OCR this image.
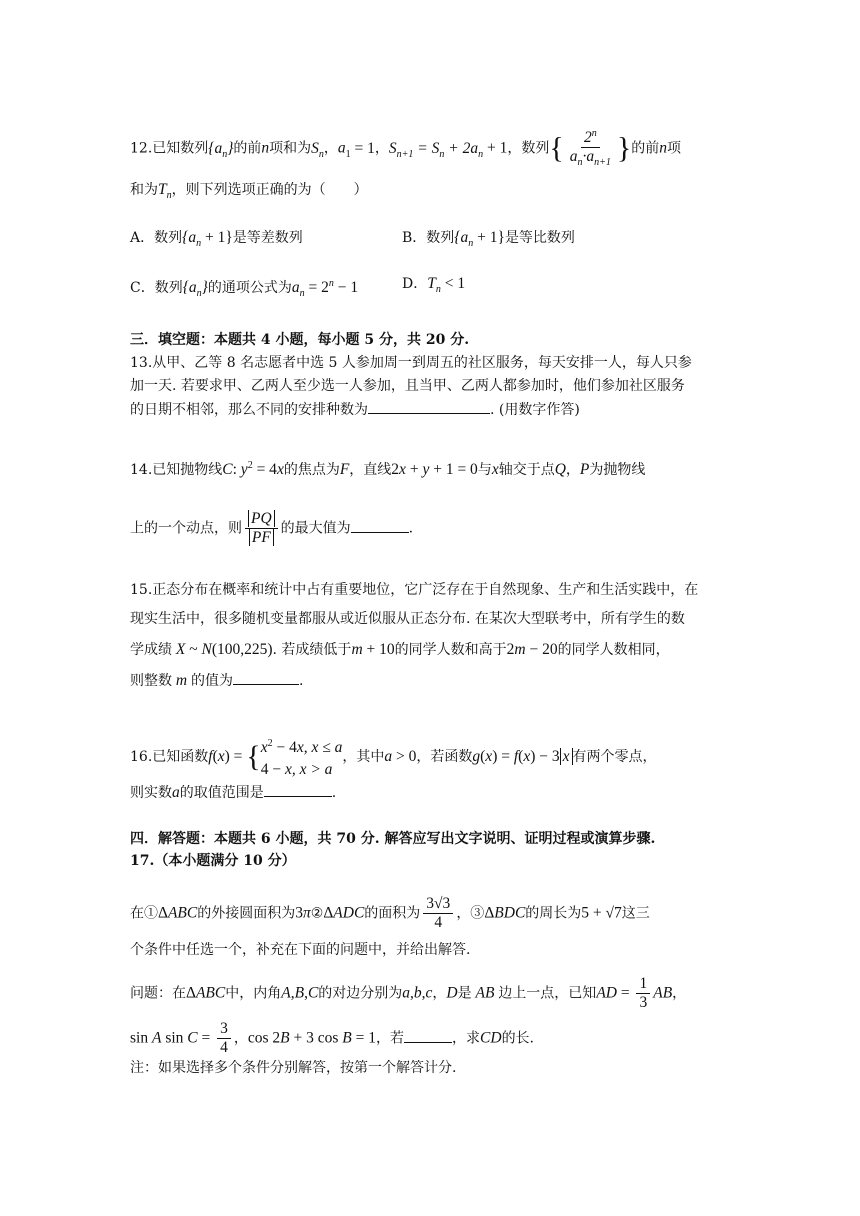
12.已知数列$\{a_n\}$的前n项和为$S_n$，$a_1 = 1$，$S_{n+1} = S_n + 2a_n + 1$，数列{ $\frac{2^n}{a_n\cdot a_{n+1}}$ }的前n项
和为$T_n$，则下列选项正确的为（　　）
A．数列$\{a_n + 1\}$是等差数列	B．数列$\{a_n + 1\}$是等比数列
C．数列$\{a_n\}$的通项公式为$a_n = 2^n - 1$	D．$T_n < 1$
三．填空题：本题共 4 小题，每小题 5 分，共 20 分.
13.从甲、乙等 8 名志愿者中选 5 人参加周一到周五的社区服务，每天安排一人，每人只参
加一天. 若要求甲、乙两人至少选一人参加，且当甲、乙两人都参加时，他们参加社区服务
的日期不相邻，那么不同的安排种数为	. (用数字作答)
14.已知抛物线C: $y^2 = 4x$的焦点为F，直线2x + y + 1 = 0与x轴交于点Q，P为抛物线
上的一个动点，则 $\frac{PQ}{PF}$ 的最大值为	.
15.正态分布在概率和统计中占有重要地位，它广泛存在于自然现象、生产和生活实践中，在
现实生活中，很多随机变量都服从或近似服从正态分布. 在某次大型联考中，所有学生的数
学成绩 X ~ N(100,225). 若成绩低于m + 10的同学人数和高于2m − 20的同学人数相同，
则整数 m 的值为	.
16.已知函数f(x) = { $x^2 - 4x$, x ≤ a
4 − x, x > a
，其中a > 0，若函数g(x) = f(x) − 3 x 有两个零点，
则实数a的取值范围是	.
四．解答题：本题共 6 小题，共 70 分. 解答应写出文字说明、证明过程或演算步骤.
17.（本小题满分 10 分）
在①ΔABC的外接圆面积为3π②ΔADC的面积为 $\frac{3√3}{4}$ ，③ΔBDC的周长为5 + √7这三
个条件中任选一个，补充在下面的问题中，并给出解答.
问题：在ΔABC中，内角A,B,C的对边分别为a,b,c，D是 AB 边上一点，已知AD = $\frac{1}{3}$ AB，
sin A $\sin C = \frac{3}{4}$ ，cos 2B + 3 cos B = 1，若	，求CD的长.
注：如果选择多个条件分别解答，按第一个解答计分.
